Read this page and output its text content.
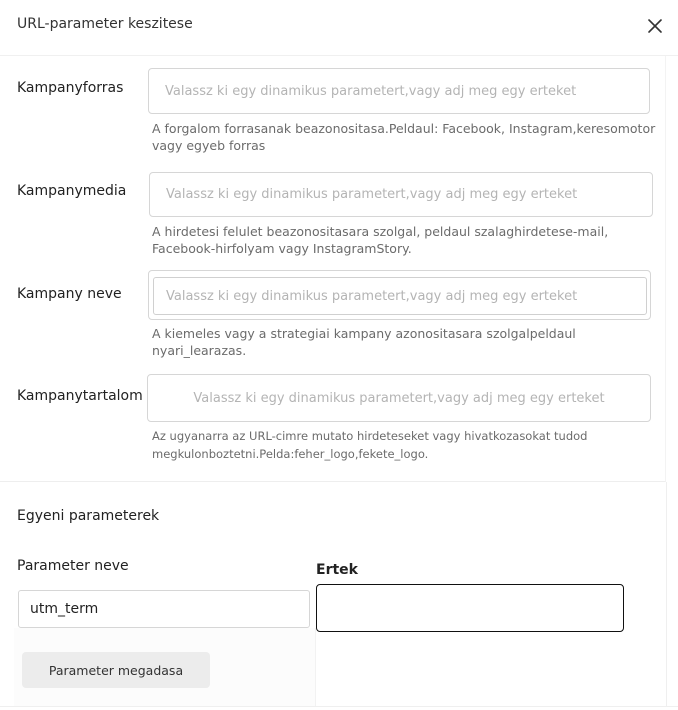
URL-parameter keszitese
Kampanyforras
Valassz ki egy dinamikus parametert,vagy adj meg egy erteket
A forgalom forrasanak beazonositasa.Peldaul: Facebook, Instagram,keresomotor vagy egyeb forras
Kampanymedia
Valassz ki egy dinamikus parametert,vagy adj meg egy erteket
A hirdetesi felulet beazonositasara szolgal, peldaul szalaghirdetese-mail, Facebook-hirfolyam vagy InstagramStory.
Kampany neve
Valassz ki egy dinamikus parametert,vagy adj meg egy erteket
A kiemeles vagy a strategiai kampany azonositasara szolgalpeldaul nyari_learazas.
Kampanytartalom
Valassz ki egy dinamikus parametert,vagy adj meg egy erteket
Az ugyanarra az URL-cimre mutato hirdeteseket vagy hivatkozasokat tudod megkulonboztetni.Pelda:feher_logo,fekete_logo.
Egyeni parameterek
Parameter neve	Ertek
utm_term
Parameter megadasa
